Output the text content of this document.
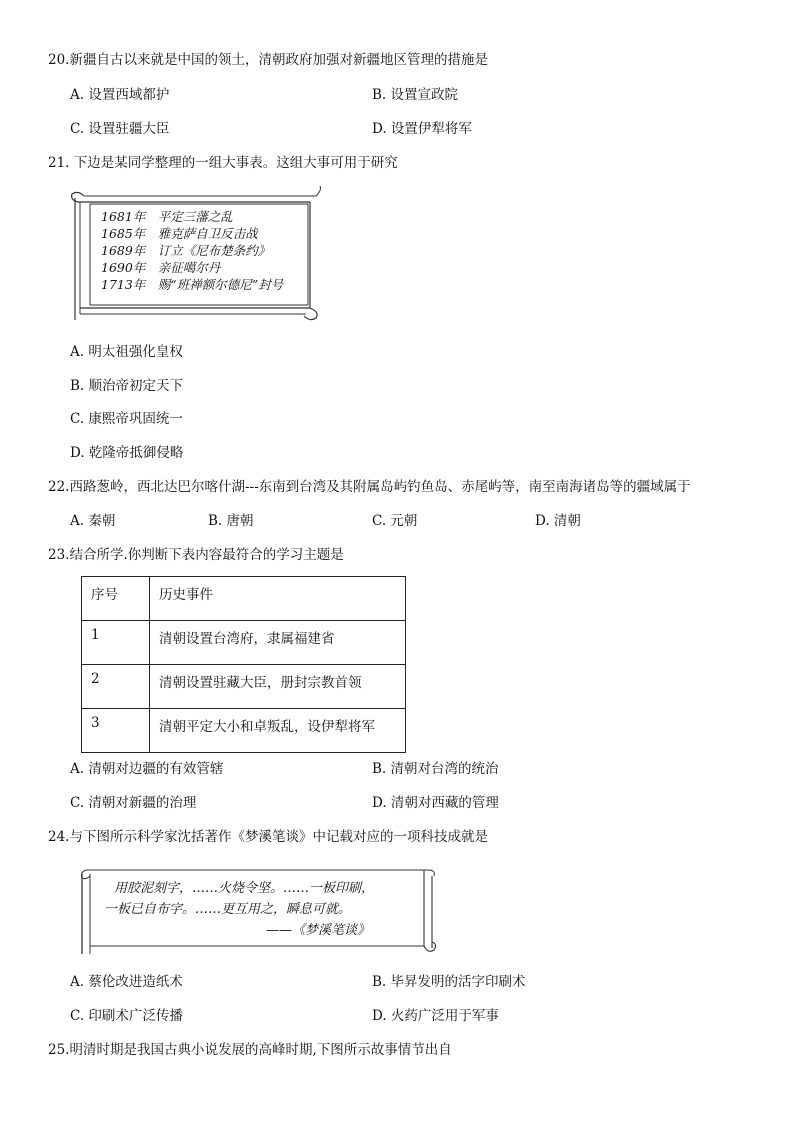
20.新疆自古以来就是中国的领土，清朝政府加强对新疆地区管理的措施是
A. 设置西域都护	B. 设置宣政院
C. 设置驻疆大臣	D. 设置伊犁将军
21. 下边是某同学整理的一组大事表。这组大事可用于研究
1681年　平定三藩之乱
1685年　雅克萨自卫反击战
1689年　订立《尼布楚条约》
1690年　亲征噶尔丹
1713年　赐“班禅额尔德尼”封号
A. 明太祖强化皇权
B. 顺治帝初定天下
C. 康熙帝巩固统一
D. 乾隆帝抵御侵略
22.西路葱岭，西北达巴尔喀什湖---东南到台湾及其附属岛屿钓鱼岛、赤尾屿等，南至南海诸岛等的疆域属于
A. 秦朝	B. 唐朝	C. 元朝	D. 清朝
23.结合所学.你判断下表内容最符合的学习主题是
序号	历史事件

1	清朝设置台湾府，隶属福建省

2	清朝设置驻藏大臣，册封宗教首领

3	清朝平定大小和卓叛乱，设伊犁将军
A. 清朝对边疆的有效管辖	B. 清朝对台湾的统治
C. 清朝对新疆的治理	D. 清朝对西藏的管理
24.与下图所示科学家沈括著作《梦溪笔谈》中记载对应的一项科技成就是
用胶泥刻字，……火烧令坚。……一板印刷，
一板已自布字。……更互用之，瞬息可就。
——《梦溪笔谈》
A. 蔡伦改进造纸术	B. 毕昇发明的活字印刷术
C. 印刷术广泛传播	D. 火药广泛用于军事
25.明清时期是我国古典小说发展的高峰时期,下图所示故事情节出自
